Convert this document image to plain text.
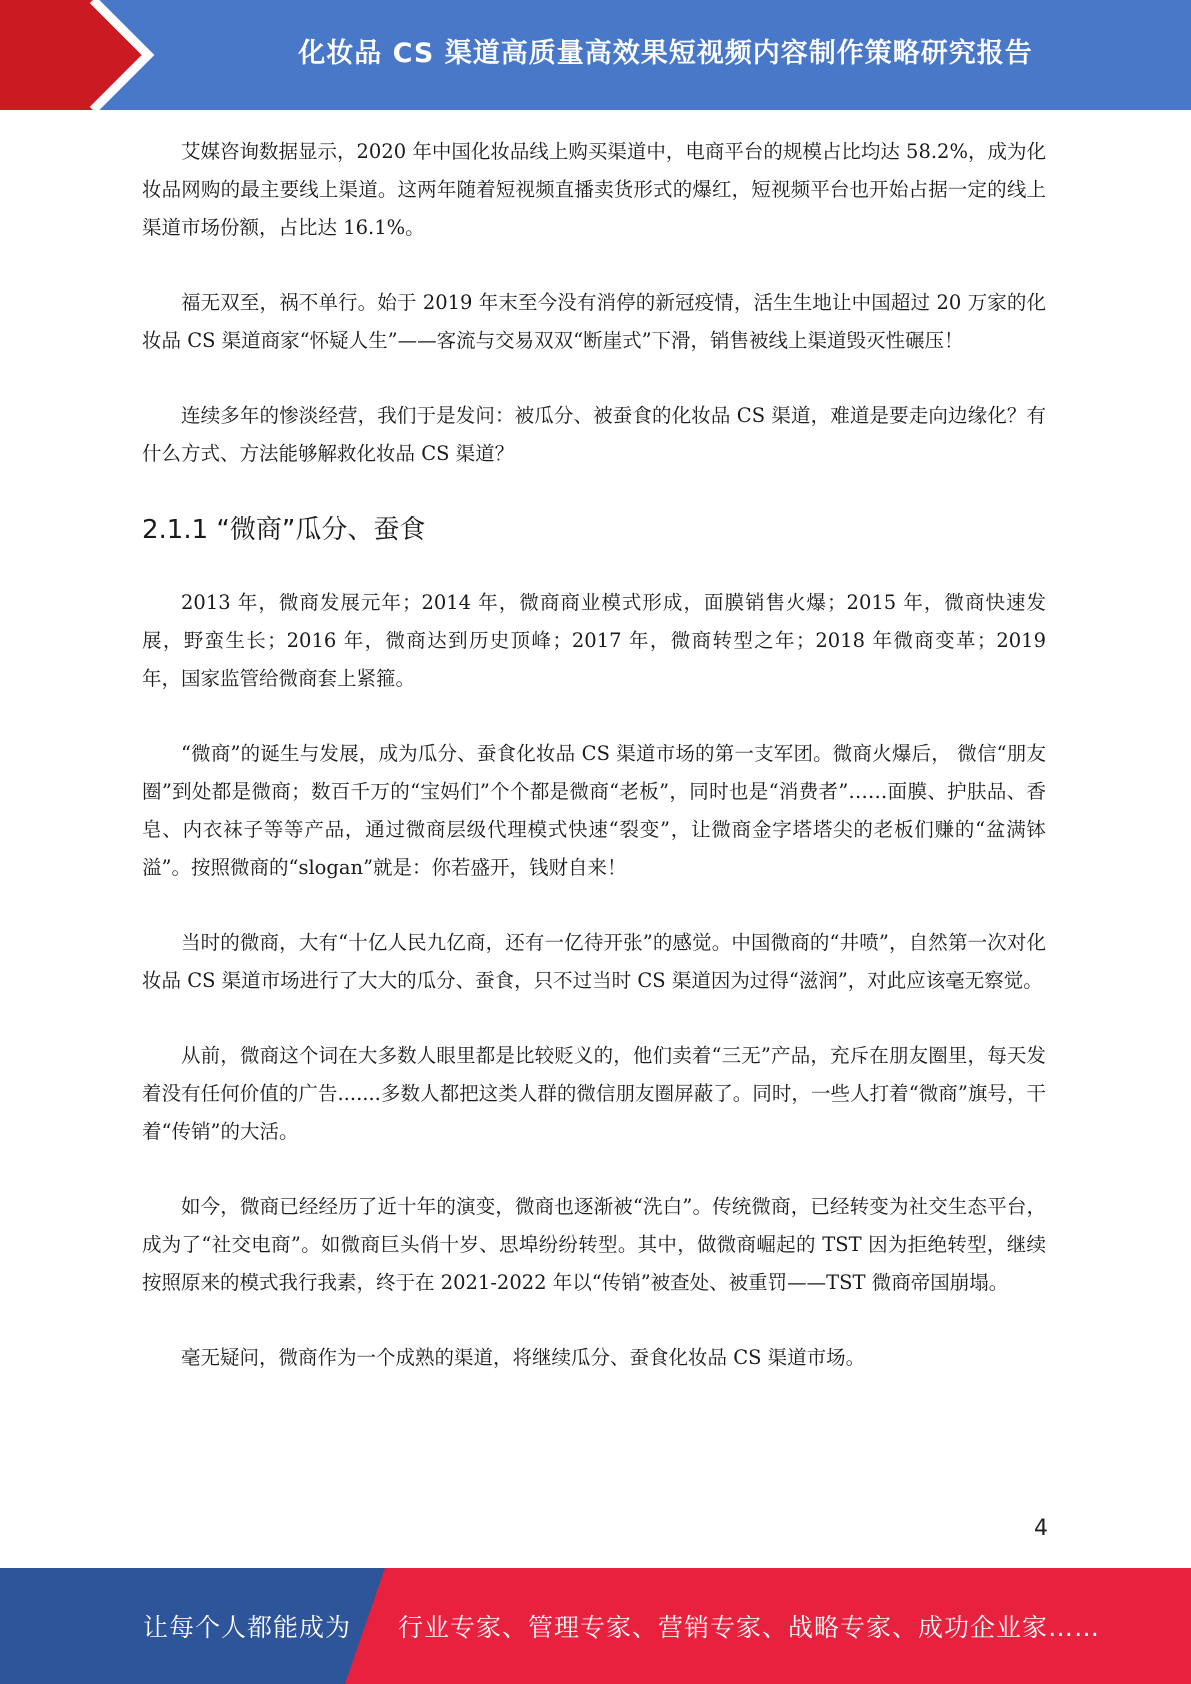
化妆品 CS 渠道高质量高效果短视频内容制作策略研究报告

艾媒咨询数据显示，2020 年中国化妆品线上购买渠道中，电商平台的规模占比均达 58.2%，成为化妆品网购的最主要线上渠道。这两年随着短视频直播卖货形式的爆红，短视频平台也开始占据一定的线上渠道市场份额，占比达 16.1%。

福无双至，祸不单行。始于 2019 年末至今没有消停的新冠疫情，活生生地让中国超过 20 万家的化妆品 CS 渠道商家“怀疑人生”——客流与交易双双“断崖式”下滑，销售被线上渠道毁灭性碾压！

连续多年的惨淡经营，我们于是发问：被瓜分、被蚕食的化妆品 CS 渠道，难道是要走向边缘化？有什么方式、方法能够解救化妆品 CS 渠道？

2.1.1 “微商”瓜分、蚕食

2013 年，微商发展元年；2014 年，微商商业模式形成，面膜销售火爆；2015 年，微商快速发展，野蛮生长；2016 年，微商达到历史顶峰；2017 年，微商转型之年；2018 年微商变革；2019 年，国家监管给微商套上紧箍。

“微商”的诞生与发展，成为瓜分、蚕食化妆品 CS 渠道市场的第一支军团。微商火爆后， 微信“朋友圈”到处都是微商；数百千万的“宝妈们”个个都是微商“老板”，同时也是“消费者”……面膜、护肤品、香皂、内衣袜子等等产品，通过微商层级代理模式快速“裂变”，让微商金字塔塔尖的老板们赚的“盆满钵溢”。按照微商的“slogan”就是：你若盛开，钱财自来！

当时的微商，大有“十亿人民九亿商，还有一亿待开张”的感觉。中国微商的“井喷”，自然第一次对化妆品 CS 渠道市场进行了大大的瓜分、蚕食，只不过当时 CS 渠道因为过得“滋润”，对此应该毫无察觉。

从前，微商这个词在大多数人眼里都是比较贬义的，他们卖着“三无”产品，充斥在朋友圈里，每天发着没有任何价值的广告.......多数人都把这类人群的微信朋友圈屏蔽了。同时，一些人打着“微商”旗号，干着“传销”的大活。

如今，微商已经经历了近十年的演变，微商也逐渐被“洗白”。传统微商，已经转变为社交生态平台，成为了“社交电商”。如微商巨头俏十岁、思埠纷纷转型。其中，做微商崛起的 TST 因为拒绝转型，继续按照原来的模式我行我素，终于在 2021-2022 年以“传销”被查处、被重罚——TST 微商帝国崩塌。

毫无疑问，微商作为一个成熟的渠道，将继续瓜分、蚕食化妆品 CS 渠道市场。

4
让每个人都能成为 行业专家、管理专家、营销专家、战略专家、成功企业家……
